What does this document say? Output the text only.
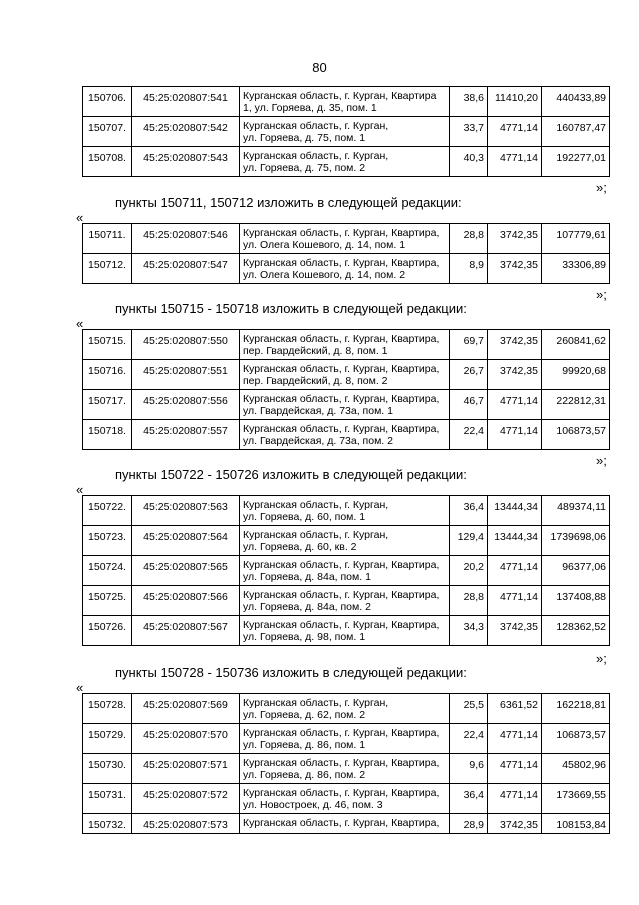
80
150706.	45:25:020807:541	Курганская область, г. Курган, Квартира
1, ул. Горяева, д. 35, пом. 1	38,6	11410,20	440433,89
150707.	45:25:020807:542	Курганская область, г. Курган,
ул. Горяева, д. 75, пом. 1	33,7	4771,14	160787,47
150708.	45:25:020807:543	Курганская область, г. Курган,
ул. Горяева, д. 75, пом. 2	40,3	4771,14	192277,01
»;
пункты 150711, 150712 изложить в следующей редакции:
«
150711.	45:25:020807:546	Курганская область, г. Курган, Квартира,
ул. Олега Кошевого, д. 14, пом. 1	28,8	3742,35	107779,61
150712.	45:25:020807:547	Курганская область, г. Курган, Квартира,
ул. Олега Кошевого, д. 14, пом. 2	8,9	3742,35	33306,89
»;
пункты 150715 - 150718 изложить в следующей редакции:
«
150715.	45:25:020807:550	Курганская область, г. Курган, Квартира,
пер. Гвардейский, д. 8, пом. 1	69,7	3742,35	260841,62
150716.	45:25:020807:551	Курганская область, г. Курган, Квартира,
пер. Гвардейский, д. 8, пом. 2	26,7	3742,35	99920,68
150717.	45:25:020807:556	Курганская область, г. Курган, Квартира,
ул. Гвардейская, д. 73а, пом. 1	46,7	4771,14	222812,31
150718.	45:25:020807:557	Курганская область, г. Курган, Квартира,
ул. Гвардейская, д. 73а, пом. 2	22,4	4771,14	106873,57
»;
пункты 150722 - 150726 изложить в следующей редакции:
«
150722.	45:25:020807:563	Курганская область, г. Курган,
ул. Горяева, д. 60, пом. 1	36,4	13444,34	489374,11
150723.	45:25:020807:564	Курганская область, г. Курган,
ул. Горяева, д. 60, кв. 2	129,4	13444,34	1739698,06
150724.	45:25:020807:565	Курганская область, г. Курган, Квартира,
ул. Горяева, д. 84а, пом. 1	20,2	4771,14	96377,06
150725.	45:25:020807:566	Курганская область, г. Курган, Квартира,
ул. Горяева, д. 84а, пом. 2	28,8	4771,14	137408,88
150726.	45:25:020807:567	Курганская область, г. Курган, Квартира,
ул. Горяева, д. 98, пом. 1	34,3	3742,35	128362,52
»;
пункты 150728 - 150736 изложить в следующей редакции:
«
150728.	45:25:020807:569	Курганская область, г. Курган,
ул. Горяева, д. 62, пом. 2	25,5	6361,52	162218,81
150729.	45:25:020807:570	Курганская область, г. Курган, Квартира,
ул. Горяева, д. 86, пом. 1	22,4	4771,14	106873,57
150730.	45:25:020807:571	Курганская область, г. Курган, Квартира,
ул. Горяева, д. 86, пом. 2	9,6	4771,14	45802,96
150731.	45:25:020807:572	Курганская область, г. Курган, Квартира,
ул. Новостроек, д. 46, пом. 3	36,4	4771,14	173669,55
150732.	45:25:020807:573	Курганская область, г. Курган, Квартира,	28,9	3742,35	108153,84
